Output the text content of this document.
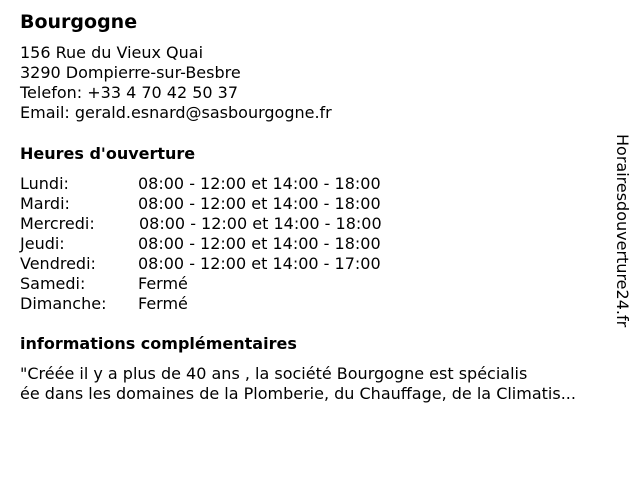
Bourgogne
156 Rue du Vieux Quai
3290 Dompierre-sur-Besbre
Telefon: +33 4 70 42 50 37
Email: gerald.esnard@sasbourgogne.fr
Heures d'ouverture
Lundi:	08:00 - 12:00 et 14:00 - 18:00
Mardi:	08:00 - 12:00 et 14:00 - 18:00
Mercredi:	08:00 - 12:00 et 14:00 - 18:00
Jeudi:	08:00 - 12:00 et 14:00 - 18:00
Vendredi:	08:00 - 12:00 et 14:00 - 17:00
Samedi:	Fermé
Dimanche: Fermé
informations complémentaires
"Créée il y a plus de 40 ans , la société Bourgogne est spécialis
ée dans les domaines de la Plomberie, du Chauffage, de la Climatis...
Horairesdouverture24.fr
